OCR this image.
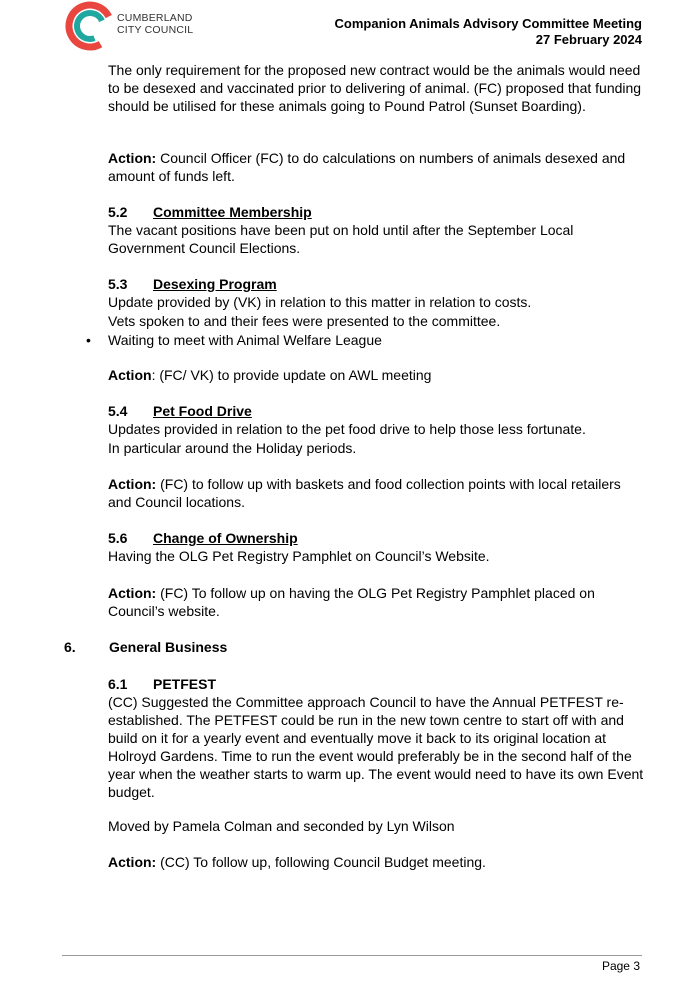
CUMBERLAND
CITY COUNCIL	Companion Animals Advisory Committee Meeting
27 February 2024
The only requirement for the proposed new contract would be the animals would need to be desexed and vaccinated prior to delivering of animal. (FC) proposed that funding should be utilised for these animals going to Pound Patrol (Sunset Boarding).
Action: Council Officer (FC) to do calculations on numbers of animals desexed and amount of funds left.
5.2 Committee Membership
The vacant positions have been put on hold until after the September Local Government Council Elections.
5.3 Desexing Program
Update provided by (VK) in relation to this matter in relation to costs.
Vets spoken to and their fees were presented to the committee.
• Waiting to meet with Animal Welfare League
Action: (FC/ VK) to provide update on AWL meeting
5.4 Pet Food Drive
Updates provided in relation to the pet food drive to help those less fortunate.
In particular around the Holiday periods.
Action: (FC) to follow up with baskets and food collection points with local retailers and Council locations.
5.6 Change of Ownership
Having the OLG Pet Registry Pamphlet on Council’s Website.
Action: (FC) To follow up on having the OLG Pet Registry Pamphlet placed on Council’s website.
6. General Business
6.1 PETFEST
(CC) Suggested the Committee approach Council to have the Annual PETFEST re-established. The PETFEST could be run in the new town centre to start off with and build on it for a yearly event and eventually move it back to its original location at Holroyd Gardens. Time to run the event would preferably be in the second half of the year when the weather starts to warm up. The event would need to have its own Event budget.
Moved by Pamela Colman and seconded by Lyn Wilson
Action: (CC) To follow up, following Council Budget meeting.
Page 3
